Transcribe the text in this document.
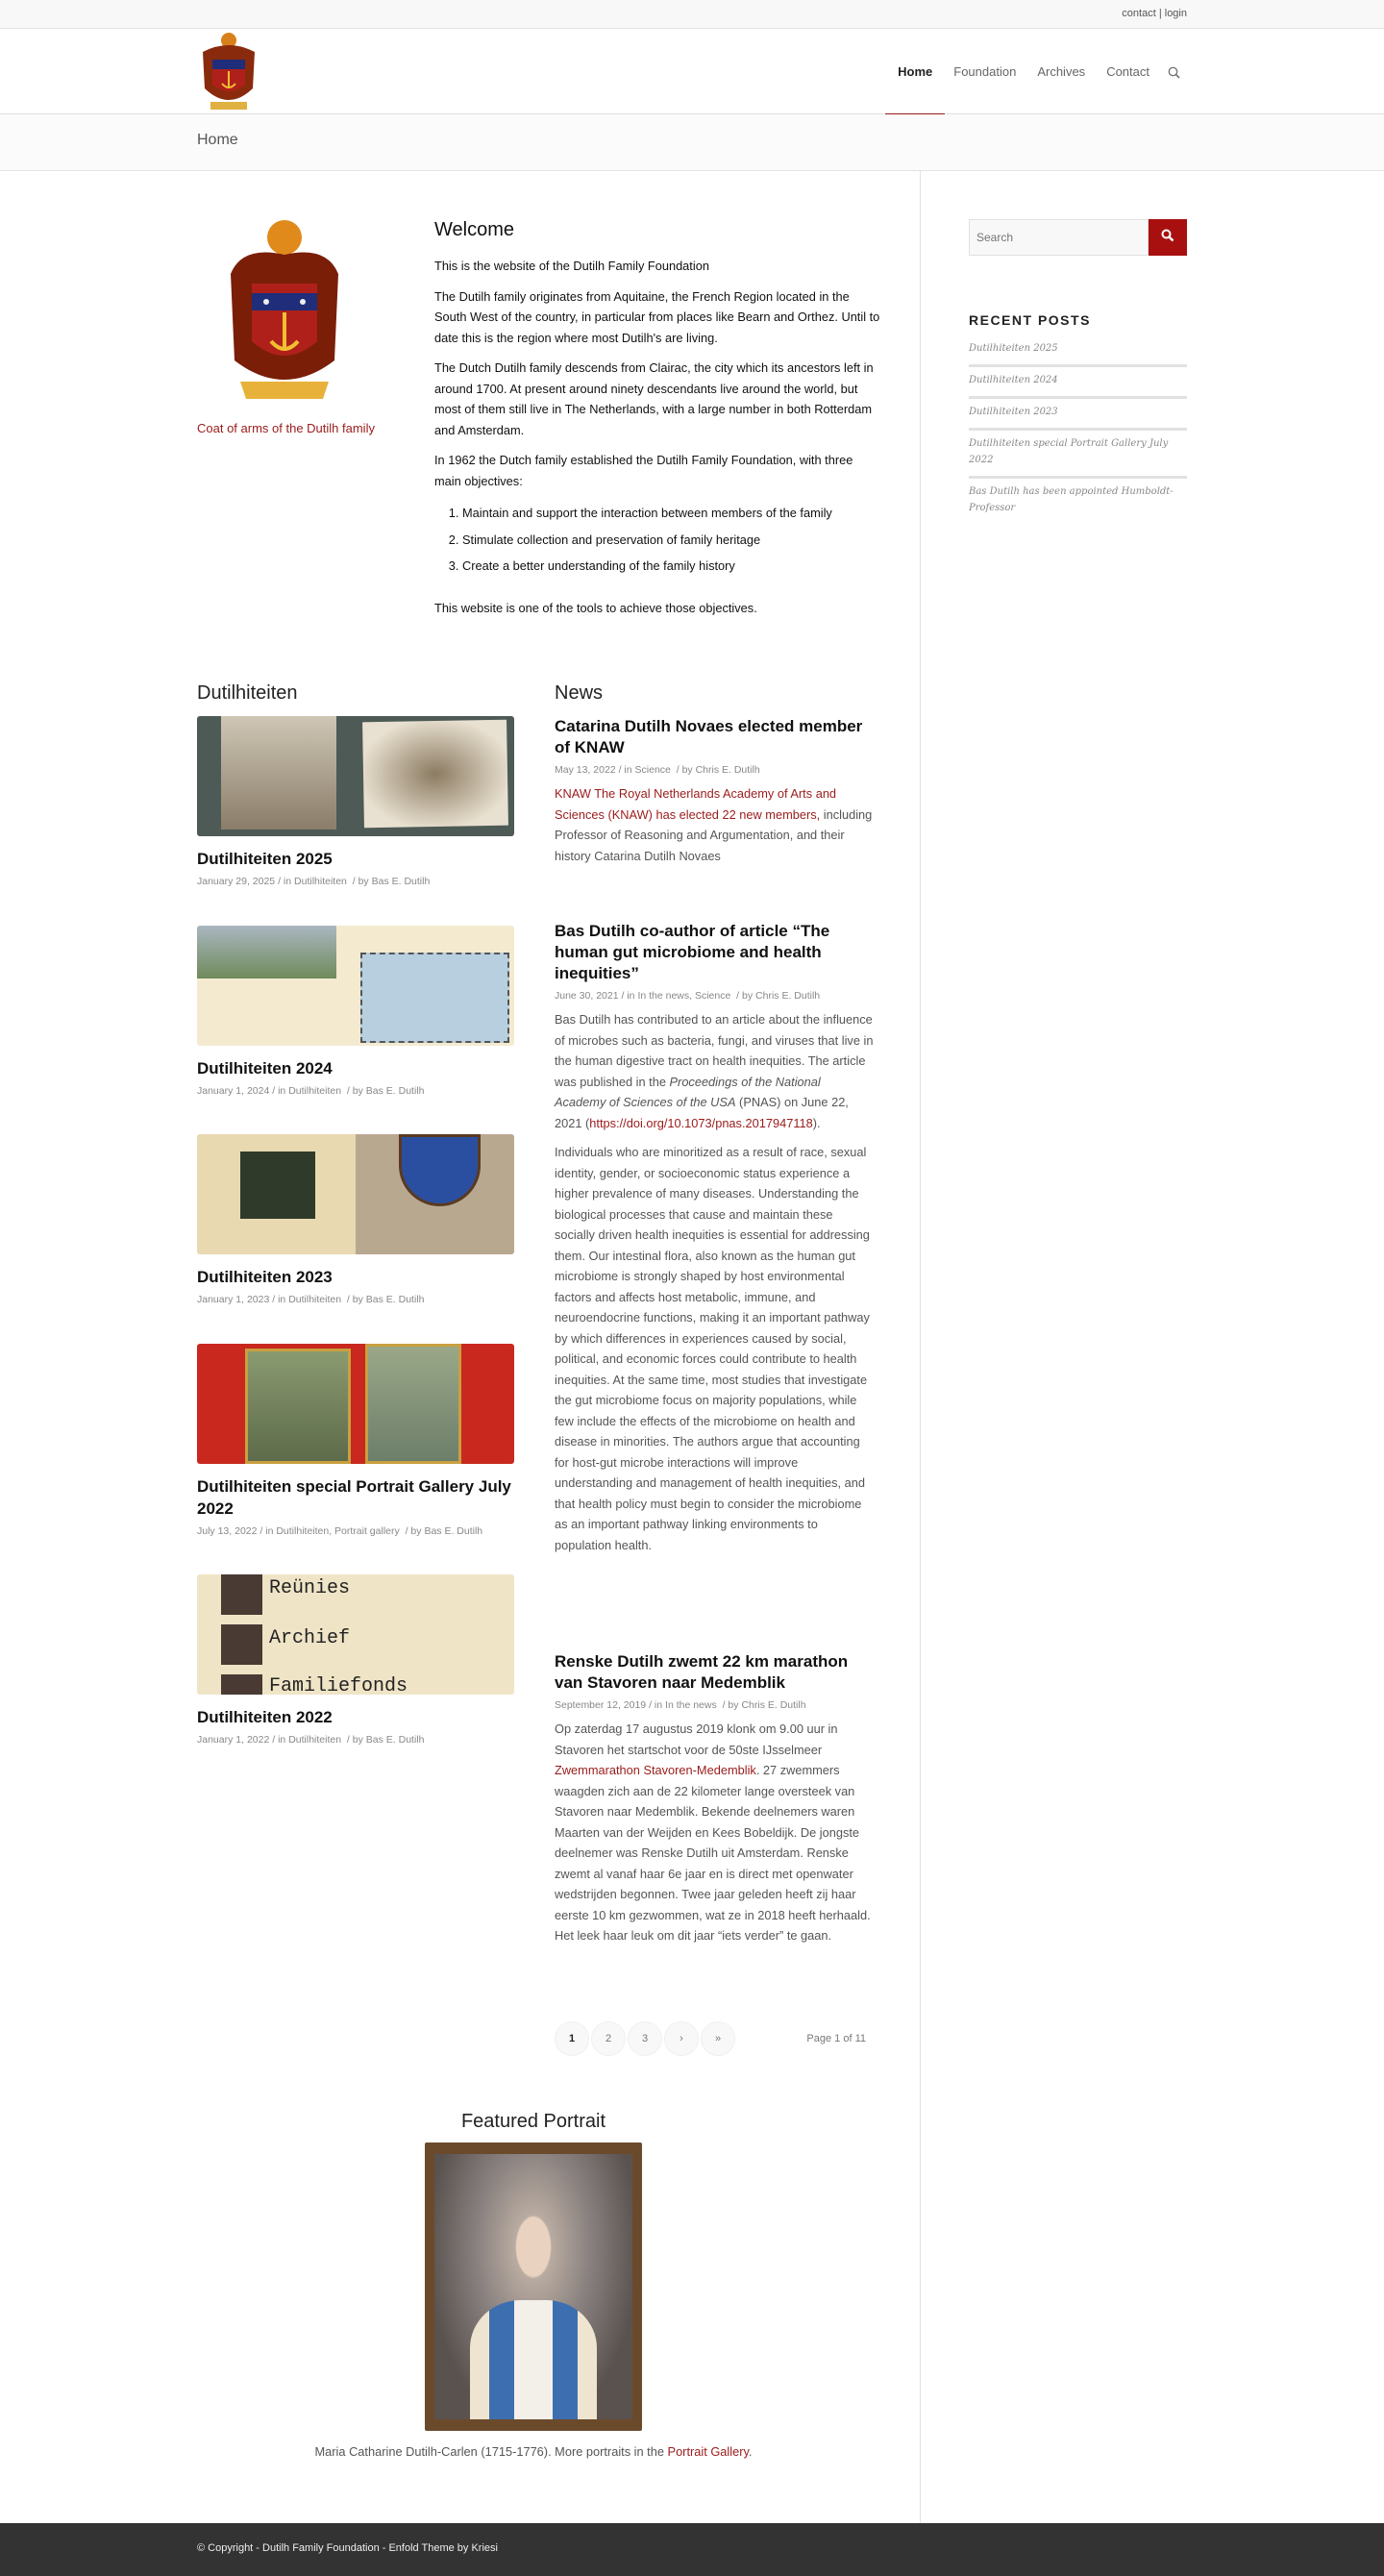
contact | login
Home Foundation Archives Contact
Home
Coat of arms of the Dutilh family
Welcome

This is the website of the Dutilh Family Foundation

The Dutilh family originates from Aquitaine, the French Region located in the South West of the country, in particular from places like Bearn and Orthez. Until to date this is the region where most Dutilh's are living.

The Dutch Dutilh family descends from Clairac, the city which its ancestors left in around 1700. At present around ninety descendants live around the world, but most of them still live in The Netherlands, with a large number in both Rotterdam and Amsterdam.

In 1962 the Dutch family established the Dutilh Family Foundation, with three main objectives:

1. Maintain and support the interaction between members of the family
2. Stimulate collection and preservation of family heritage
3. Create a better understanding of the family history

This website is one of the tools to achieve those objectives.

Dutilhiteiten	News
Dutilhiteiten 2025
January 29, 2025 / in Dutilhiteiten / by Bas E. Dutilh
Dutilhiteiten 2024
January 1, 2024 / in Dutilhiteiten / by Bas E. Dutilh
Dutilhiteiten 2023
January 1, 2023 / in Dutilhiteiten / by Bas E. Dutilh
Dutilhiteiten special Portrait Gallery July 2022
July 13, 2022 / in Dutilhiteiten, Portrait gallery / by Bas E. Dutilh
Reünies
Archief
Familiefonds
Dutilhiteiten 2022
January 1, 2022 / in Dutilhiteiten / by Bas E. Dutilh
Catarina Dutilh Novaes elected member of KNAW
May 13, 2022 / in Science / by Chris E. Dutilh
KNAW The Royal Netherlands Academy of Arts and Sciences (KNAW) has elected 22 new members, including Professor of Reasoning and Argumentation, and their history Catarina Dutilh Novaes
Bas Dutilh co-author of article “The human gut microbiome and health inequities”
June 30, 2021 / in In the news, Science / by Chris E. Dutilh

Bas Dutilh has contributed to an article about the influence of microbes such as bacteria, fungi, and viruses that live in the human digestive tract on health inequities. The article was published in the Proceedings of the National Academy of Sciences of the USA (PNAS) on June 22, 2021 (https://doi.org/10.1073/pnas.2017947118).

Individuals who are minoritized as a result of race, sexual identity, gender, or socioeconomic status experience a higher prevalence of many diseases. Understanding the biological processes that cause and maintain these socially driven health inequities is essential for addressing them. Our intestinal flora, also known as the human gut microbiome is strongly shaped by host environmental factors and affects host metabolic, immune, and neuroendocrine functions, making it an important pathway by which differences in experiences caused by social, political, and economic forces could contribute to health inequities. At the same time, most studies that investigate the gut microbiome focus on majority populations, while few include the effects of the microbiome on health and disease in minorities. The authors argue that accounting for host-gut microbe interactions will improve understanding and management of health inequities, and that health policy must begin to consider the microbiome as an important pathway linking environments to population health.

Renske Dutilh zwemt 22 km marathon van Stavoren naar Medemblik
September 12, 2019 / in In the news / by Chris E. Dutilh
Op zaterdag 17 augustus 2019 klonk om 9.00 uur in Stavoren het startschot voor de 50ste IJsselmeer Zwemmarathon Stavoren-Medemblik. 27 zwemmers waagden zich aan de 22 kilometer lange oversteek van Stavoren naar Medemblik. Bekende deelnemers waren Maarten van der Weijden en Kees Bobeldijk. De jongste deelnemer was Renske Dutilh uit Amsterdam. Renske zwemt al vanaf haar 6e jaar en is direct met openwater wedstrijden begonnen. Twee jaar geleden heeft zij haar eerste 10 km gezwommen, wat ze in 2018 heeft herhaald. Het leek haar leuk om dit jaar “iets verder” te gaan.
1	2	3	›	»	Page 1 of 11
Featured Portrait
Maria Catharine Dutilh-Carlen (1715-1776). More portraits in the Portrait Gallery.
Search
RECENT POSTS
Dutilhiteiten 2025
Dutilhiteiten 2024
Dutilhiteiten 2023
Dutilhiteiten special Portrait Gallery July 2022
Bas Dutilh has been appointed Humboldt-Professor
© Copyright - Dutilh Family Foundation - Enfold Theme by Kriesi
